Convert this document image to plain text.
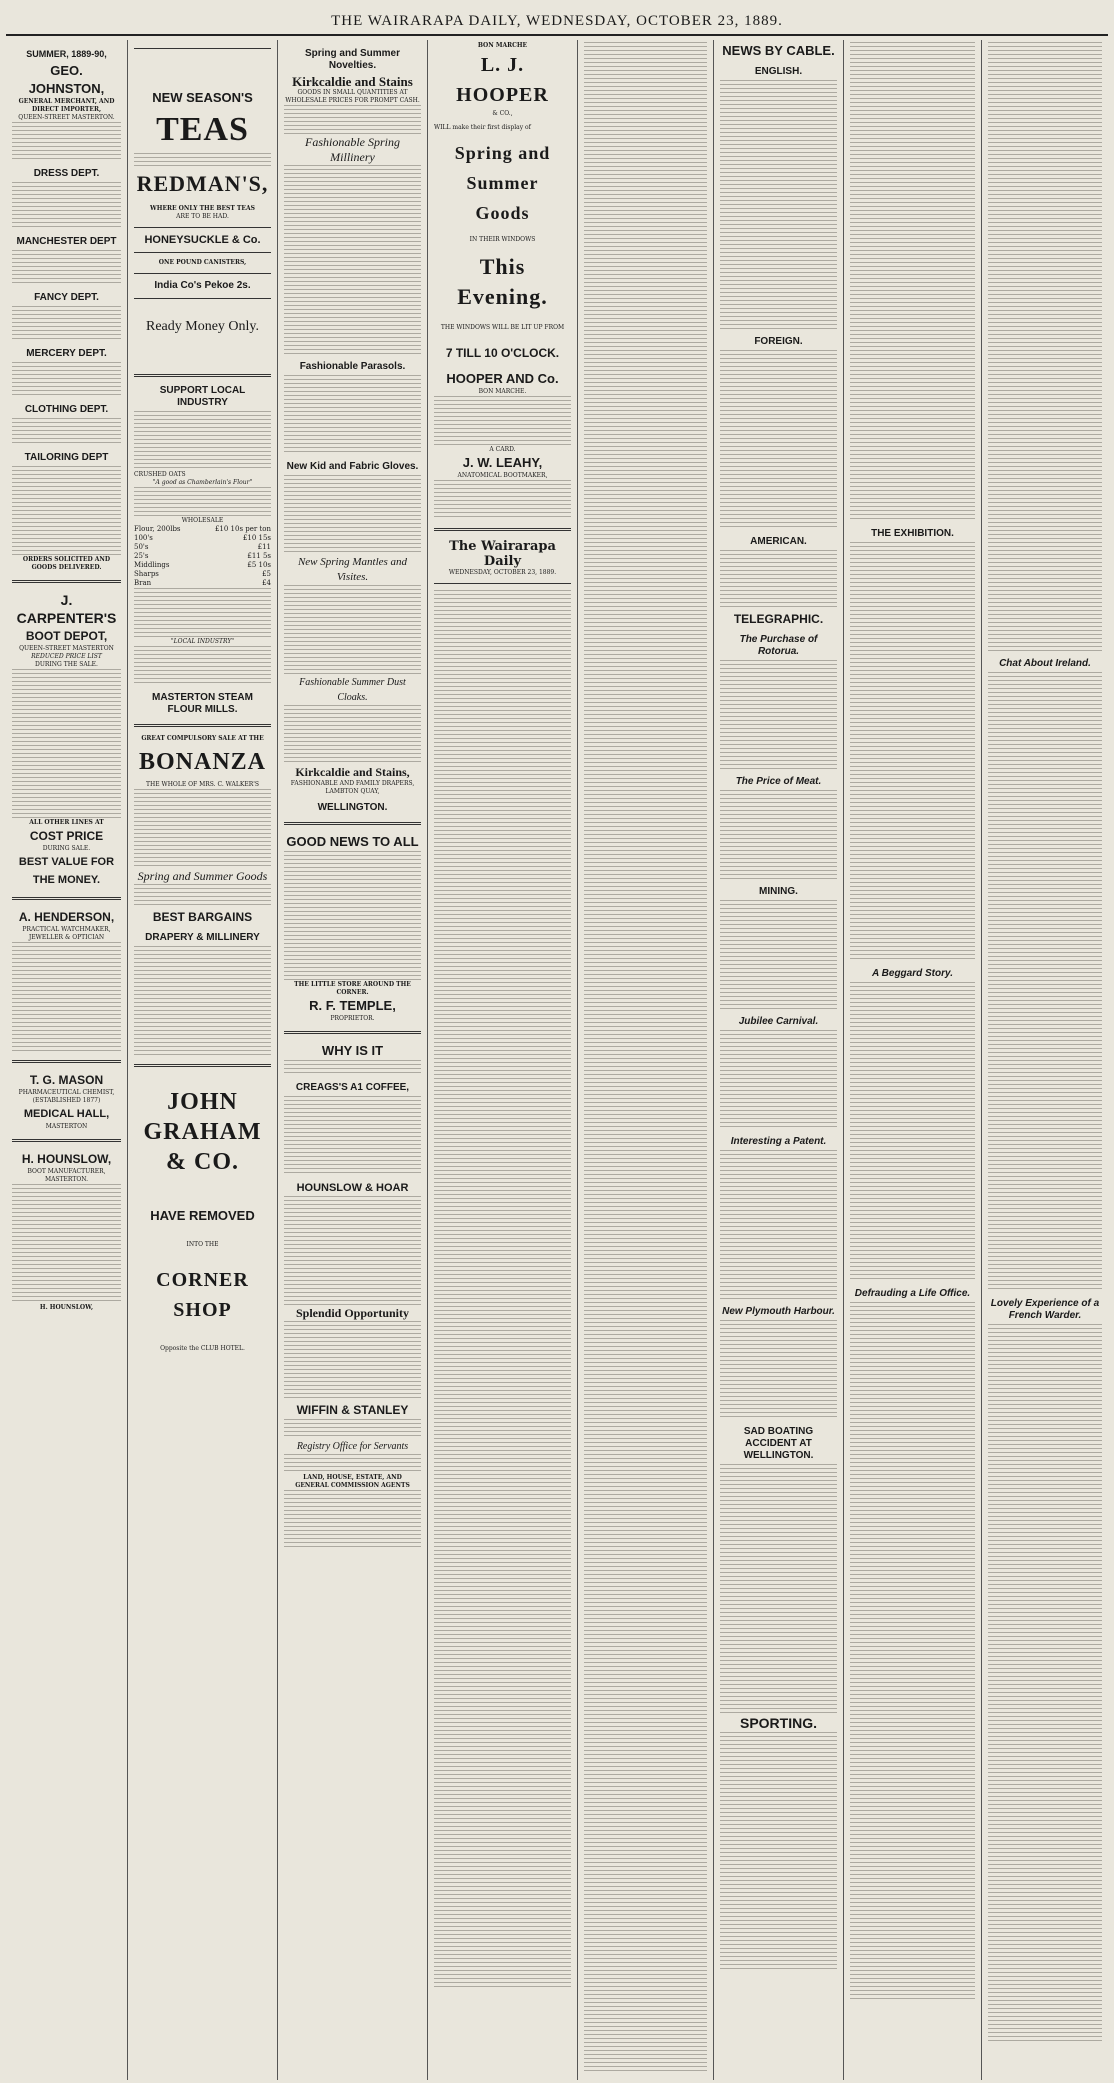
THE WAIRARAPA DAILY, WEDNESDAY, OCTOBER 23, 1889.
SUMMER, 1889-90,
GEO. JOHNSTON,
GENERAL MERCHANT, AND DIRECT IMPORTER,
QUEEN-STREET MASTERTON.
DRESS DEPT.
MANCHESTER DEPT
FANCY DEPT.
MERCERY DEPT.
CLOTHING DEPT.
TAILORING DEPT
ORDERS SOLICITED AND GOODS DELIVERED.
J. CARPENTER'S
BOOT DEPOT,
QUEEN-STREET MASTERTON
REDUCED PRICE LIST
DURING THE SALE.
ALL OTHER LINES AT
COST PRICE
DURING SALE.
BEST VALUE FOR THE MONEY.
A. HENDERSON,
PRACTICAL WATCHMAKER, JEWELLER & OPTICIAN
T. G. MASON
PHARMACEUTICAL CHEMIST,
(ESTABLISHED 1877)
MEDICAL HALL,
MASTERTON
H. HOUNSLOW,
BOOT MANUFACTURER,
MASTERTON.
H. HOUNSLOW,
NEW SEASON'S
TEAS
REDMAN'S,
WHERE ONLY THE BEST TEAS
ARE TO BE HAD.
HONEYSUCKLE & Co.
ONE POUND CANISTERS,
India Co's Pekoe 2s.
Ready Money Only.
SUPPORT LOCAL INDUSTRY
CRUSHED OATS
"A good as Chamberlain's Flour"
WHOLESALE
Flour, 200lbs	£10 10s per ton
100's	£10 15s
50's	£11
25's	£11 5s
Middlings	£5 10s
Sharps	£5
Bran	£4
"LOCAL INDUSTRY"
MASTERTON STEAM FLOUR MILLS.
GREAT COMPULSORY SALE AT THE
BONANZA
THE WHOLE OF MRS. C. WALKER'S
Spring and Summer Goods
BEST BARGAINS
DRAPERY & MILLINERY
JOHN GRAHAM
& CO.
HAVE REMOVED
INTO THE
CORNER SHOP
Opposite the CLUB HOTEL.
Spring and Summer Novelties.
Kirkcaldie and Stains
GOODS IN SMALL QUANTITIES AT WHOLESALE PRICES FOR PROMPT CASH.
Fashionable Spring Millinery
Fashionable Parasols.
New Kid and Fabric Gloves.
New Spring Mantles and Visites.
Fashionable Summer Dust Cloaks.
Kirkcaldie and Stains,
FASHIONABLE AND FAMILY DRAPERS,
LAMBTON QUAY,
WELLINGTON.
GOOD NEWS TO ALL
THE LITTLE STORE AROUND THE CORNER.
R. F. TEMPLE,
PROPRIETOR.
WHY IS IT
CREAGS'S A1 COFFEE,
HOUNSLOW & HOAR
Splendid Opportunity
WIFFIN & STANLEY
Registry Office for Servants
LAND, HOUSE, ESTATE, AND
GENERAL COMMISSION AGENTS
BON MARCHE
L. J. HOOPER
& CO.,
WILL make their first display of
Spring and Summer
Goods
IN THEIR WINDOWS
This Evening.
THE WINDOWS WILL BE LIT UP FROM
7 TILL 10 O'CLOCK.
HOOPER AND Co.
BON MARCHE.
A CARD.
J. W. LEAHY,
ANATOMICAL BOOTMAKER,
The Wairarapa Daily
WEDNESDAY, OCTOBER 23, 1889.
NEWS BY CABLE.
ENGLISH.
FOREIGN.
AMERICAN.
TELEGRAPHIC.
The Purchase of Rotorua.
The Price of Meat.
MINING.
Jubilee Carnival.
Interesting a Patent.
New Plymouth Harbour.
SAD BOATING ACCIDENT AT WELLINGTON.
SPORTING.
THE EXHIBITION.
A Beggard Story.
Defrauding a Life Office.
Chat About Ireland.
Lovely Experience of a French Warder.
